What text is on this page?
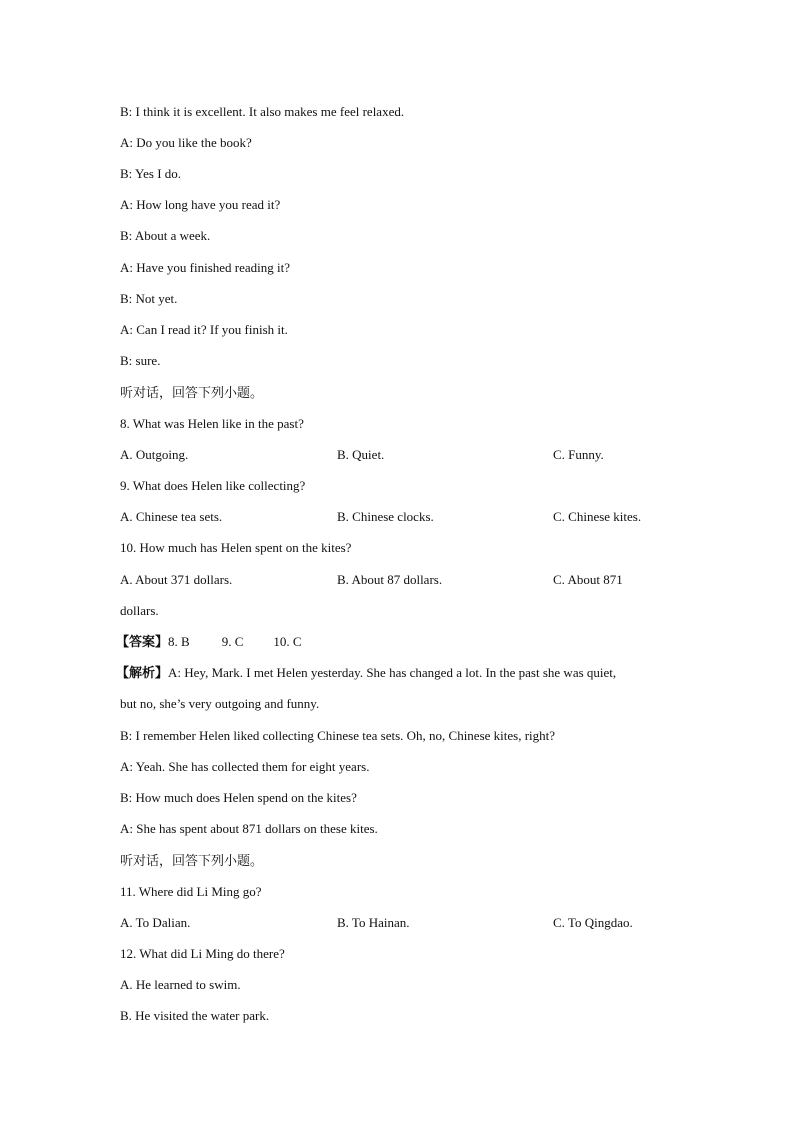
B: I think it is excellent. It also makes me feel relaxed.
A: Do you like the book?
B: Yes I do.
A: How long have you read it?
B: About a week.
A: Have you finished reading it?
B: Not yet.
A: Can I read it? If you finish it.
B: sure.
听对话，回答下列小题。
8. What was Helen like in the past?
A. Outgoing.	B. Quiet.	C. Funny.
9. What does Helen like collecting?
A. Chinese tea sets.	B. Chinese clocks.	C. Chinese kites.
10. How much has Helen spent on the kites?
A. About 371 dollars.	B. About 87 dollars.	C. About 871
dollars.
【答案】8. B 9. C 10. C
【解析】A: Hey, Mark. I met Helen yesterday. She has changed a lot. In the past she was quiet,
but no, she’s very outgoing and funny.
B: I remember Helen liked collecting Chinese tea sets. Oh, no, Chinese kites, right?
A: Yeah. She has collected them for eight years.
B: How much does Helen spend on the kites?
A: She has spent about 871 dollars on these kites.
听对话，回答下列小题。
11. Where did Li Ming go?
A. To Dalian.	B. To Hainan.	C. To Qingdao.
12. What did Li Ming do there?
A. He learned to swim.
B. He visited the water park.
